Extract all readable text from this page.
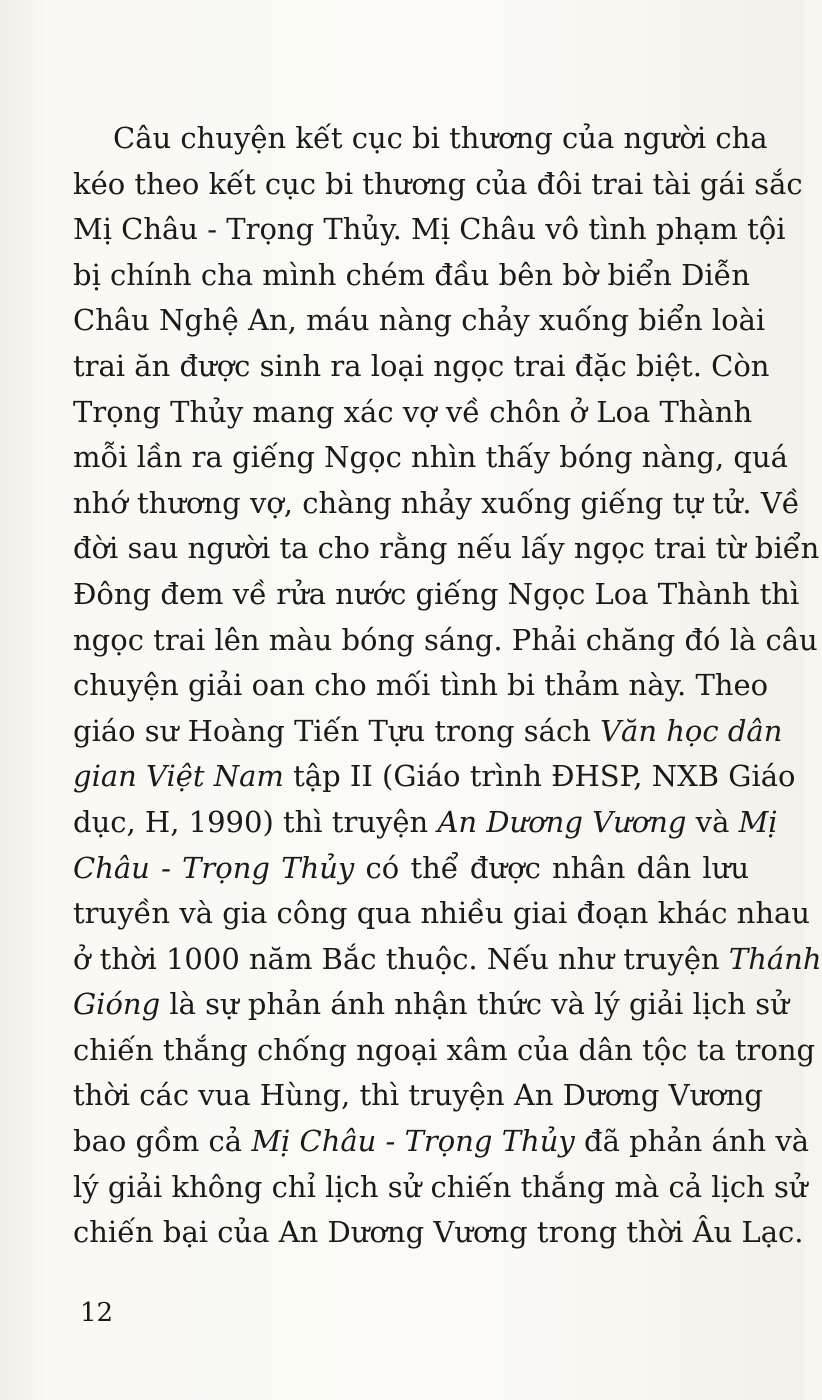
Câu chuyện kết cục bi thương của người cha
kéo theo kết cục bi thương của đôi trai tài gái sắc
Mị Châu - Trọng Thủy. Mị Châu vô tình phạm tội
bị chính cha mình chém đầu bên bờ biển Diễn
Châu Nghệ An, máu nàng chảy xuống biển loài
trai ăn được sinh ra loại ngọc trai đặc biệt. Còn
Trọng Thủy mang xác vợ về chôn ở Loa Thành
mỗi lần ra giếng Ngọc nhìn thấy bóng nàng, quá
nhớ thương vợ, chàng nhảy xuống giếng tự tử. Về
đời sau người ta cho rằng nếu lấy ngọc trai từ biển
Đông đem về rửa nước giếng Ngọc Loa Thành thì
ngọc trai lên màu bóng sáng. Phải chăng đó là câu
chuyện giải oan cho mối tình bi thảm này. Theo
giáo sư Hoàng Tiến Tựu trong sách Văn học dân
gian Việt Nam tập II (Giáo trình ĐHSP, NXB Giáo
dục, H, 1990) thì truyện An Dương Vương và Mị
Châu - Trọng Thủy có thể được nhân dân lưu
truyền và gia công qua nhiều giai đoạn khác nhau
ở thời 1000 năm Bắc thuộc. Nếu như truyện Thánh
Gióng là sự phản ánh nhận thức và lý giải lịch sử
chiến thắng chống ngoại xâm của dân tộc ta trong
thời các vua Hùng, thì truyện An Dương Vương
bao gồm cả Mị Châu - Trọng Thủy đã phản ánh và
lý giải không chỉ lịch sử chiến thắng mà cả lịch sử
chiến bại của An Dương Vương trong thời Âu Lạc.
12
